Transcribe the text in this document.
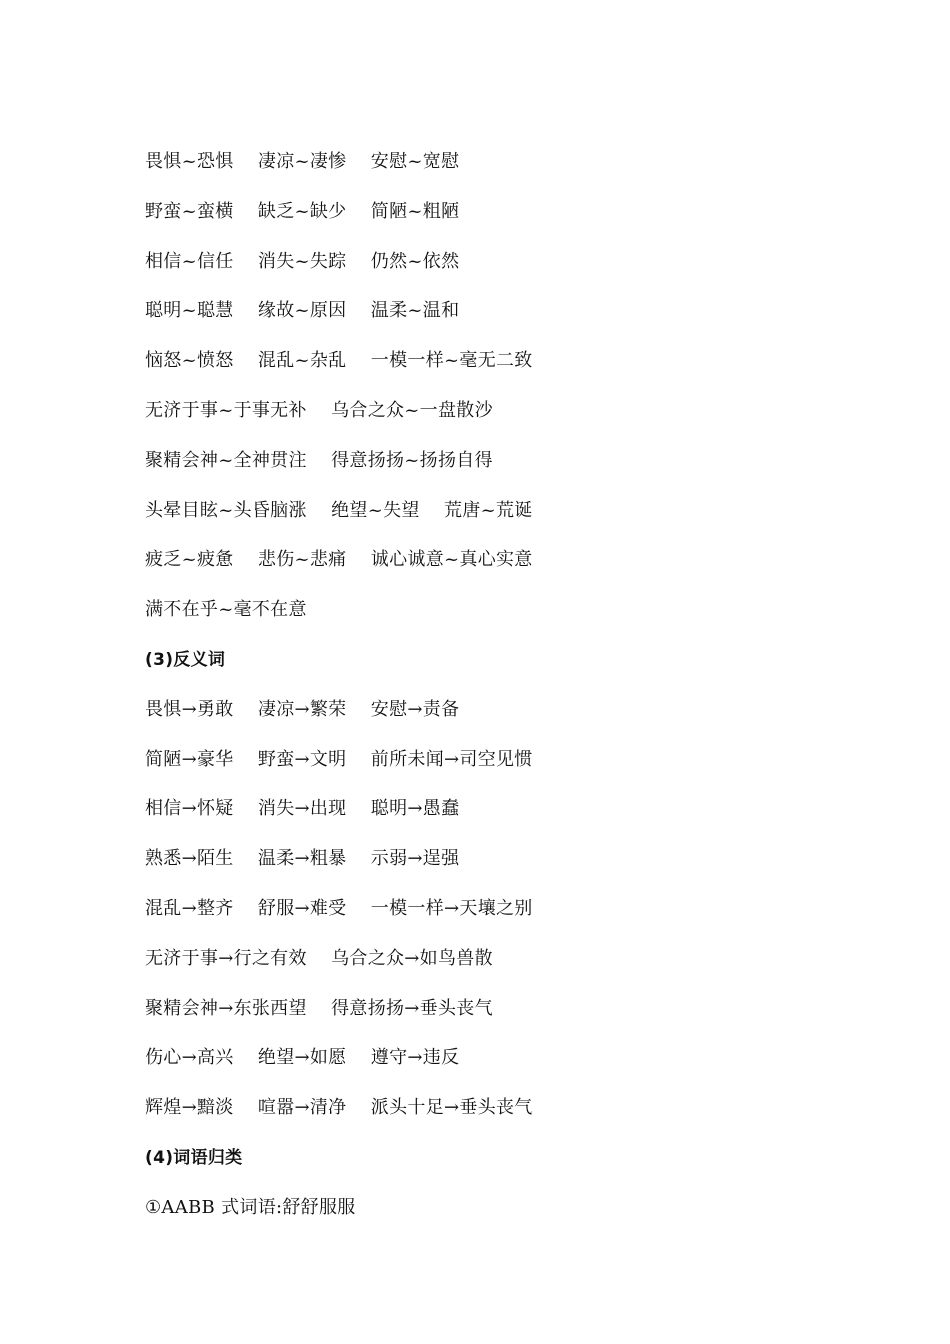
畏惧~恐惧　 凄凉~凄惨　 安慰~宽慰
野蛮~蛮横　 缺乏~缺少　 简陋~粗陋
相信~信任　 消失~失踪　 仍然~依然
聪明~聪慧　 缘故~原因　 温柔~温和
恼怒~愤怒　 混乱~杂乱　 一模一样~毫无二致
无济于事~于事无补　 乌合之众~一盘散沙
聚精会神~全神贯注　 得意扬扬~扬扬自得
头晕目眩~头昏脑涨　 绝望~失望　 荒唐~荒诞
疲乏~疲惫　 悲伤~悲痛　 诚心诚意~真心实意
满不在乎~毫不在意
(3)反义词
畏惧→勇敢　 凄凉→繁荣　 安慰→责备
简陋→豪华　 野蛮→文明　 前所未闻→司空见惯
相信→怀疑　 消失→出现　 聪明→愚蠢
熟悉→陌生　 温柔→粗暴　 示弱→逞强
混乱→整齐　 舒服→难受　 一模一样→天壤之别
无济于事→行之有效　 乌合之众→如鸟兽散
聚精会神→东张西望　 得意扬扬→垂头丧气
伤心→高兴　 绝望→如愿　 遵守→违反
辉煌→黯淡　 喧嚣→清净　 派头十足→垂头丧气
(4)词语归类
①AABB 式词语:舒舒服服
